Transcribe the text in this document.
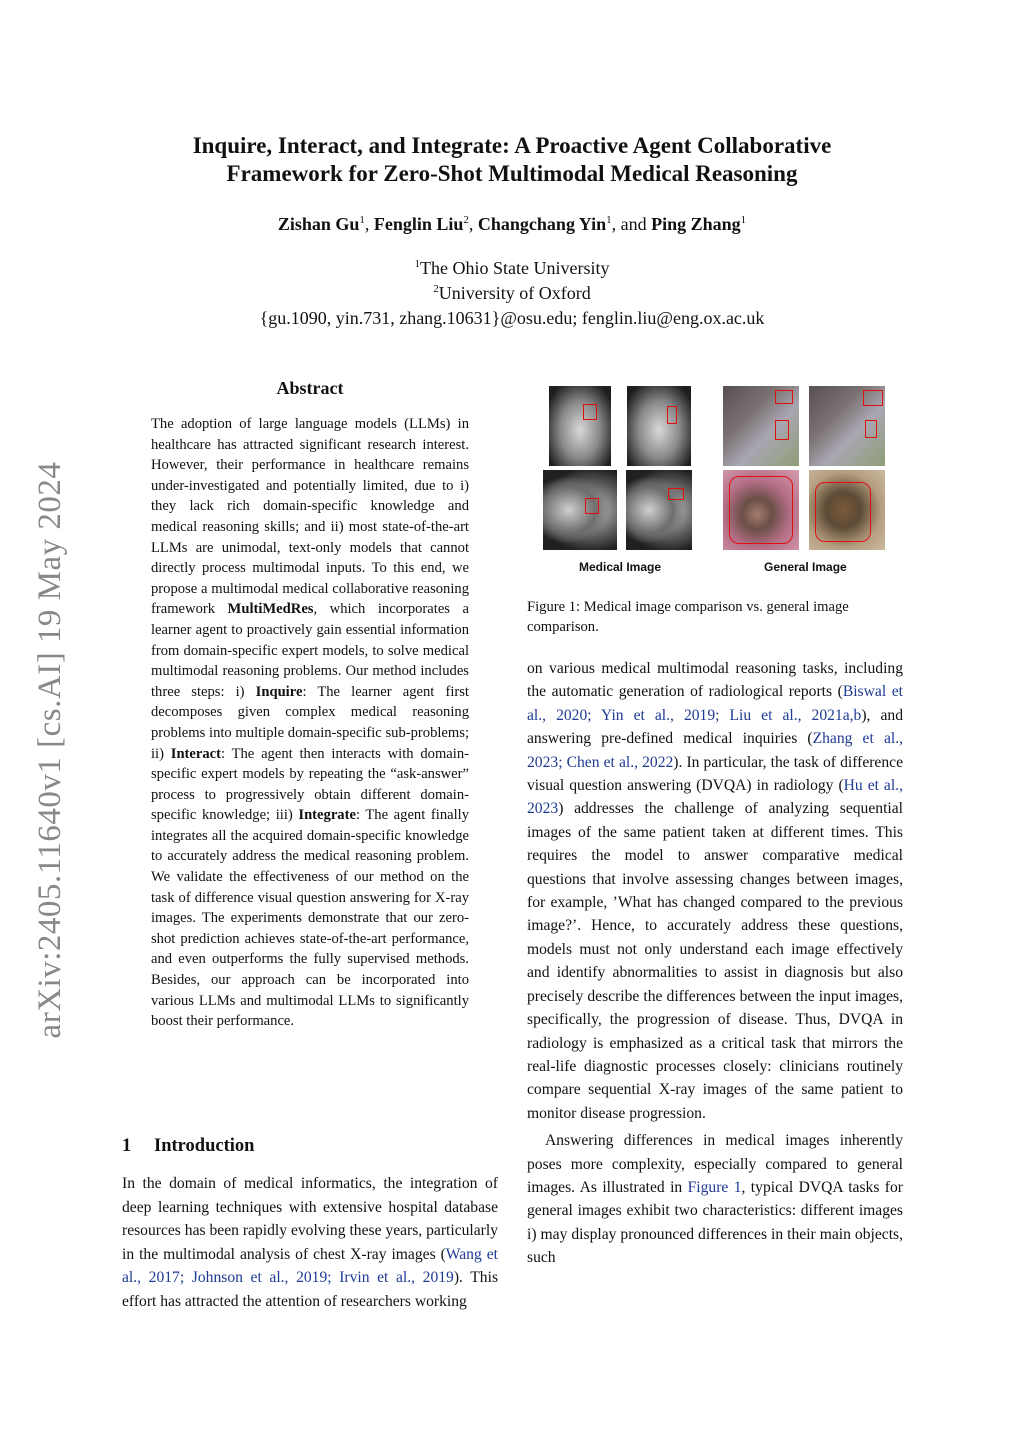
arXiv:2405.11640v1 [cs.AI] 19 May 2024
Inquire, Interact, and Integrate: A Proactive Agent Collaborative
Framework for Zero-Shot Multimodal Medical Reasoning
Zishan Gu$^1$, Fenglin Liu$^2$, Changchang Yin$^1$, and Ping Zhang$^1$
$^1$The Ohio State University
$^2$University of Oxford
{gu.1090, yin.731, zhang.10631}@osu.edu; fenglin.liu@eng.ox.ac.uk
Abstract
The adoption of large language models (LLMs) in healthcare has attracted significant research interest. However, their performance in healthcare remains under-investigated and potentially limited, due to i) they lack rich domain-specific knowledge and medical reasoning skills; and ii) most state-of-the-art LLMs are unimodal, text-only models that cannot directly process multimodal inputs. To this end, we propose a multimodal medical collaborative reasoning framework MultiMedRes, which incorporates a learner agent to proactively gain essential information from domain-specific expert models, to solve medical multimodal reasoning problems. Our method includes three steps: i) Inquire: The learner agent first decomposes given complex medical reasoning problems into multiple domain-specific sub-problems; ii) Interact: The agent then interacts with domain-specific expert models by repeating the “ask-answer” process to progressively obtain different domain-specific knowledge; iii) Integrate: The agent finally integrates all the acquired domain-specific knowledge to accurately address the medical reasoning problem. We validate the effectiveness of our method on the task of difference visual question answering for X-ray images. The experiments demonstrate that our zero-shot prediction achieves state-of-the-art performance, and even outperforms the fully supervised methods. Besides, our approach can be incorporated into various LLMs and multimodal LLMs to significantly boost their performance.
1 Introduction
In the domain of medical informatics, the integration of deep learning techniques with extensive hospital database resources has been rapidly evolving these years, particularly in the multimodal analysis of chest X-ray images (Wang et al., 2017; Johnson et al., 2019; Irvin et al., 2019). This effort has attracted the attention of researchers working
Medical Image	General Image
Figure 1: Medical image comparison vs. general image comparison.

on various medical multimodal reasoning tasks, including the automatic generation of radiological reports (Biswal et al., 2020; Yin et al., 2019; Liu et al., 2021a,b), and answering pre-defined medical inquiries (Zhang et al., 2023; Chen et al., 2022). In particular, the task of difference visual question answering (DVQA) in radiology (Hu et al., 2023) addresses the challenge of analyzing sequential images of the same patient taken at different times. This requires the model to answer comparative medical questions that involve assessing changes between images, for example, ’What has changed compared to the previous image?’. Hence, to accurately address these questions, models must not only understand each image effectively and identify abnormalities to assist in diagnosis but also precisely describe the differences between the input images, specifically, the progression of disease. Thus, DVQA in radiology is emphasized as a critical task that mirrors the real-life diagnostic processes closely: clinicians routinely compare sequential X-ray images of the same patient to monitor disease progression.

Answering differences in medical images inherently poses more complexity, especially compared to general images. As illustrated in Figure 1, typical DVQA tasks for general images exhibit two characteristics: different images i) may display pronounced differences in their main objects, such
